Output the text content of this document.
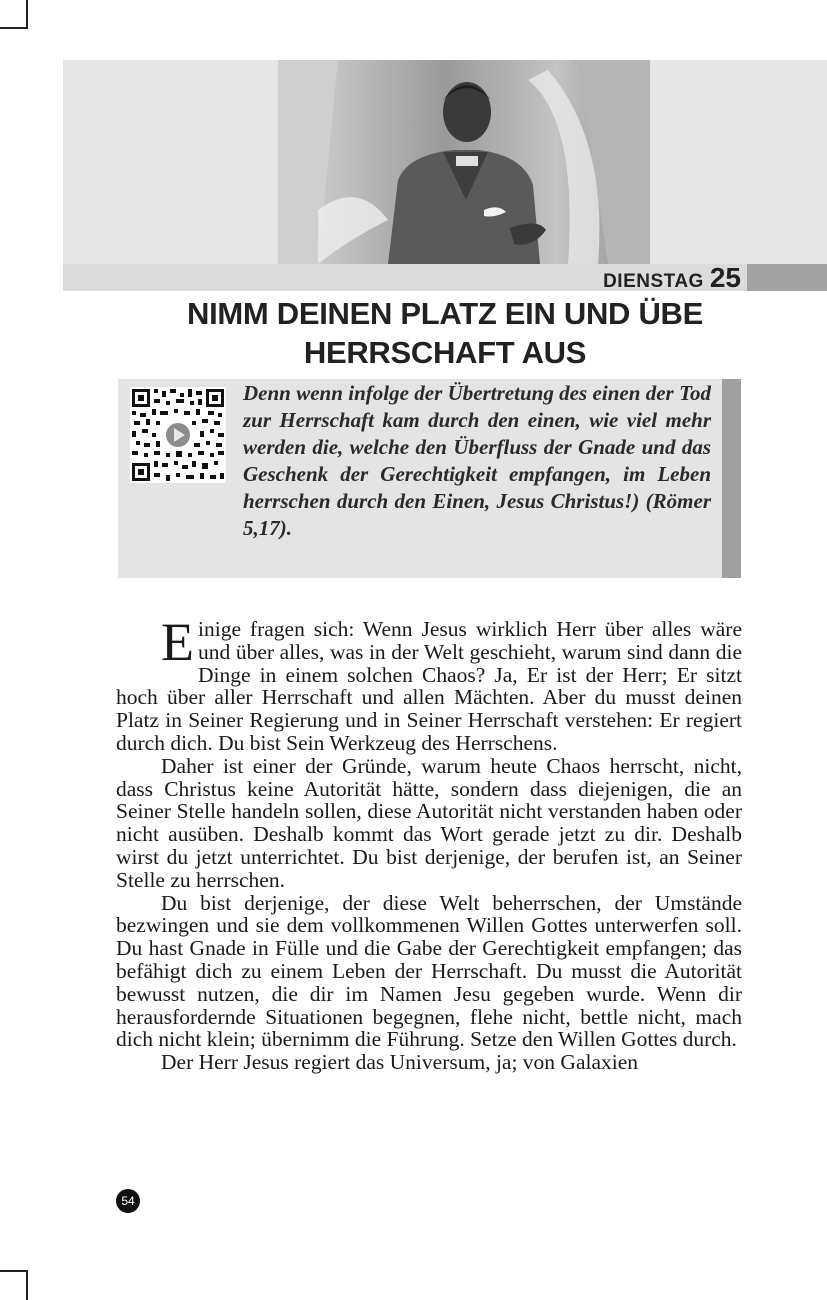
DIENSTAG 25
NIMM DEINEN PLATZ EIN UND ÜBE
HERRSCHAFT AUS
Denn wenn infolge der Übertretung des einen der Tod zur Herrschaft kam durch den einen, wie viel mehr werden die, welche den Überfluss der Gnade und das Geschenk der Gerechtigkeit empfangen, im Leben herrschen durch den Einen, Jesus Christus!) (Römer 5,17).

Einige fragen sich: Wenn Jesus wirklich Herr über alles wäre und über alles, was in der Welt geschieht, warum sind dann die Dinge in einem solchen Chaos? Ja, Er ist der Herr; Er sitzt hoch über aller Herrschaft und allen Mächten. Aber du musst deinen Platz in Seiner Regierung und in Seiner Herrschaft verstehen: Er regiert durch dich. Du bist Sein Werkzeug des Herrschens.

Daher ist einer der Gründe, warum heute Chaos herrscht, nicht, dass Christus keine Autorität hätte, sondern dass diejenigen, die an Seiner Stelle handeln sollen, diese Autorität nicht verstanden haben oder nicht ausüben. Deshalb kommt das Wort gerade jetzt zu dir. Deshalb wirst du jetzt unterrichtet. Du bist derjenige, der berufen ist, an Seiner Stelle zu herrschen.

Du bist derjenige, der diese Welt beherrschen, der Umstände bezwingen und sie dem vollkommenen Willen Gottes unterwerfen soll. Du hast Gnade in Fülle und die Gabe der Gerechtigkeit empfangen; das befähigt dich zu einem Leben der Herrschaft. Du musst die Autorität bewusst nutzen, die dir im Namen Jesu gegeben wurde. Wenn dir herausfordernde Situationen begegnen, flehe nicht, bettle nicht, mach dich nicht klein; übernimm die Führung. Setze den Willen Gottes durch.

Der Herr Jesus regiert das Universum, ja; von Galaxien

54
